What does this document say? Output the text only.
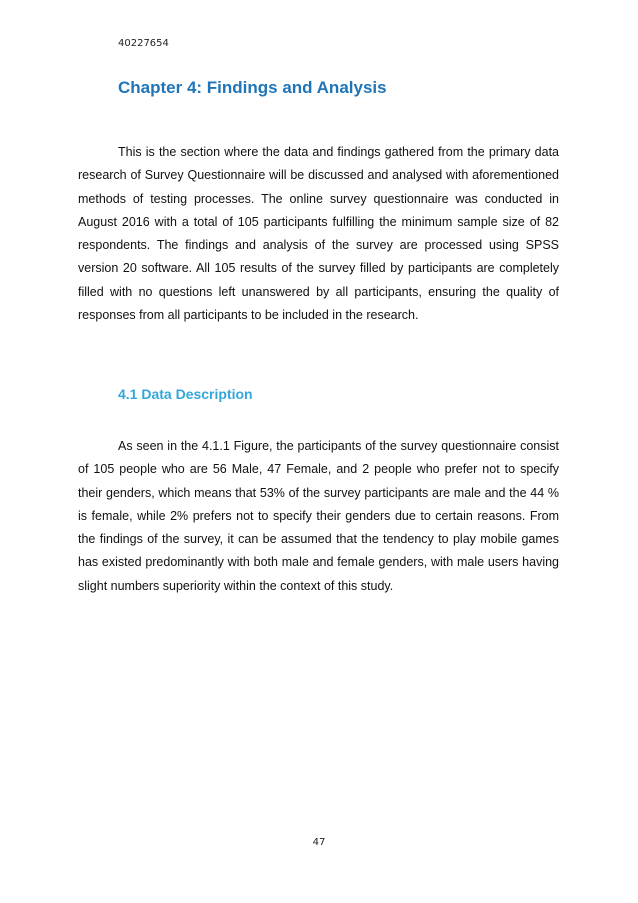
40227654

Chapter 4: Findings and Analysis

This is the section where the data and findings gathered from the primary data research of Survey Questionnaire will be discussed and analysed with aforementioned methods of testing processes. The online survey questionnaire was conducted in August 2016 with a total of 105 participants fulfilling the minimum sample size of 82 respondents. The findings and analysis of the survey are processed using SPSS version 20 software. All 105 results of the survey filled by participants are completely filled with no questions left unanswered by all participants, ensuring the quality of responses from all participants to be included in the research.

4.1 Data Description

As seen in the 4.1.1 Figure, the participants of the survey questionnaire consist of 105 people who are 56 Male, 47 Female, and 2 people who prefer not to specify their genders, which means that 53% of the survey participants are male and the 44 % is female, while 2% prefers not to specify their genders due to certain reasons. From the findings of the survey, it can be assumed that the tendency to play mobile games has existed predominantly with both male and female genders, with male users having slight numbers superiority within the context of this study.

47
